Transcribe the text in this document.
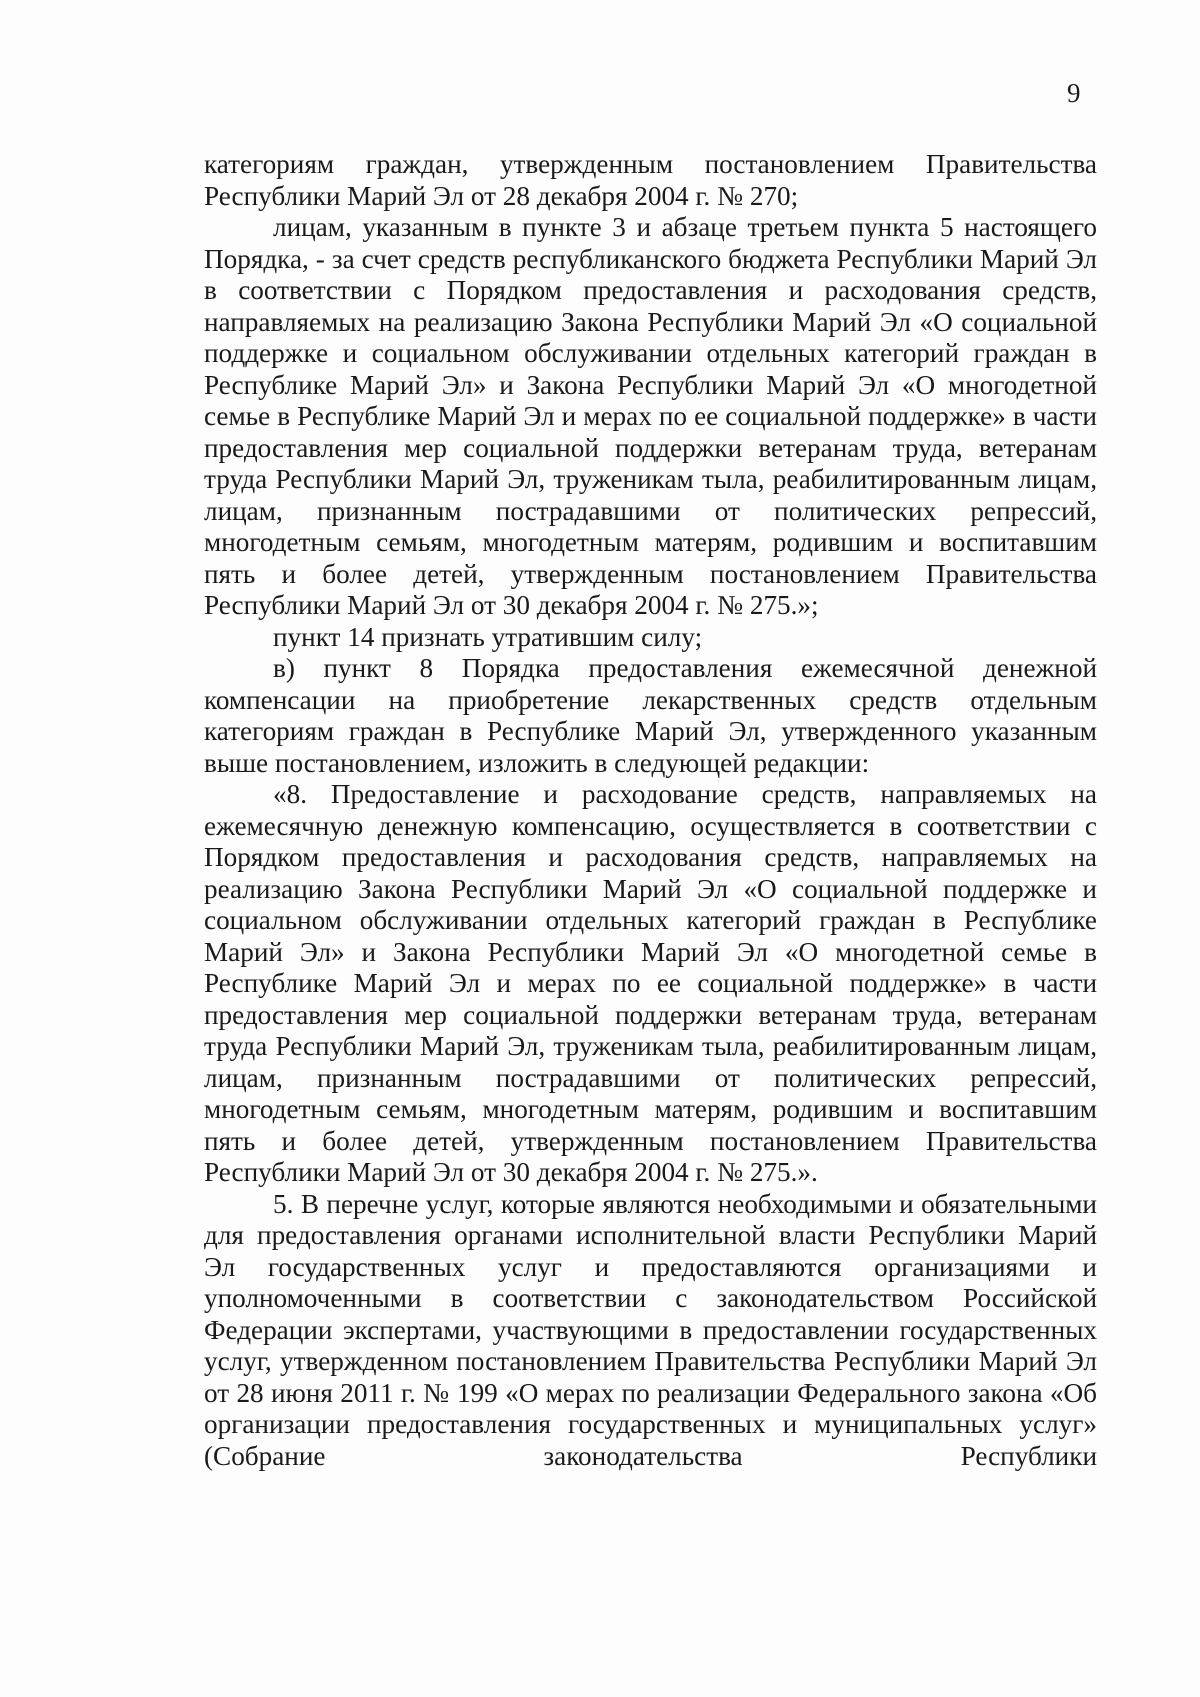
9

категориям граждан, утвержденным постановлением Правительства Республики Марий Эл от 28 декабря 2004 г. № 270;

лицам, указанным в пункте 3 и абзаце третьем пункта 5 настоящего Порядка, - за счет средств республиканского бюджета Республики Марий Эл в соответствии с Порядком предоставления и расходования средств, направляемых на реализацию Закона Республики Марий Эл «О социальной поддержке и социальном обслуживании отдельных категорий граждан в Республике Марий Эл» и Закона Республики Марий Эл «О многодетной семье в Республике Марий Эл и мерах по ее социальной поддержке» в части предоставления мер социальной поддержки ветеранам труда, ветеранам труда Республики Марий Эл, труженикам тыла, реабилитированным лицам, лицам, признанным пострадавшими от политических репрессий, многодетным семьям, многодетным матерям, родившим и воспитавшим пять и более детей, утвержденным постановлением Правительства Республики Марий Эл от 30 декабря 2004 г. № 275.»;

пункт 14 признать утратившим силу;

в) пункт 8 Порядка предоставления ежемесячной денежной компенсации на приобретение лекарственных средств отдельным категориям граждан в Республике Марий Эл, утвержденного указанным выше постановлением, изложить в следующей редакции:

«8. Предоставление и расходование средств, направляемых на ежемесячную денежную компенсацию, осуществляется в соответствии с Порядком предоставления и расходования средств, направляемых на реализацию Закона Республики Марий Эл «О социальной поддержке и социальном обслуживании отдельных категорий граждан в Республике Марий Эл» и Закона Республики Марий Эл «О многодетной семье в Республике Марий Эл и мерах по ее социальной поддержке» в части предоставления мер социальной поддержки ветеранам труда, ветеранам труда Республики Марий Эл, труженикам тыла, реабилитированным лицам, лицам, признанным пострадавшими от политических репрессий, многодетным семьям, многодетным матерям, родившим и воспитавшим пять и более детей, утвержденным постановлением Правительства Республики Марий Эл от 30 декабря 2004 г. № 275.».

5. В перечне услуг, которые являются необходимыми и обязательными для предоставления органами исполнительной власти Республики Марий Эл государственных услуг и предоставляются организациями и уполномоченными в соответствии с законодательством Российской Федерации экспертами, участвующими в предоставлении государственных услуг, утвержденном постановлением Правительства Республики Марий Эл от 28 июня 2011 г. № 199 «О мерах по реализации Федерального закона «Об организации предоставления государственных и муниципальных услуг» (Собрание законодательства Республики
